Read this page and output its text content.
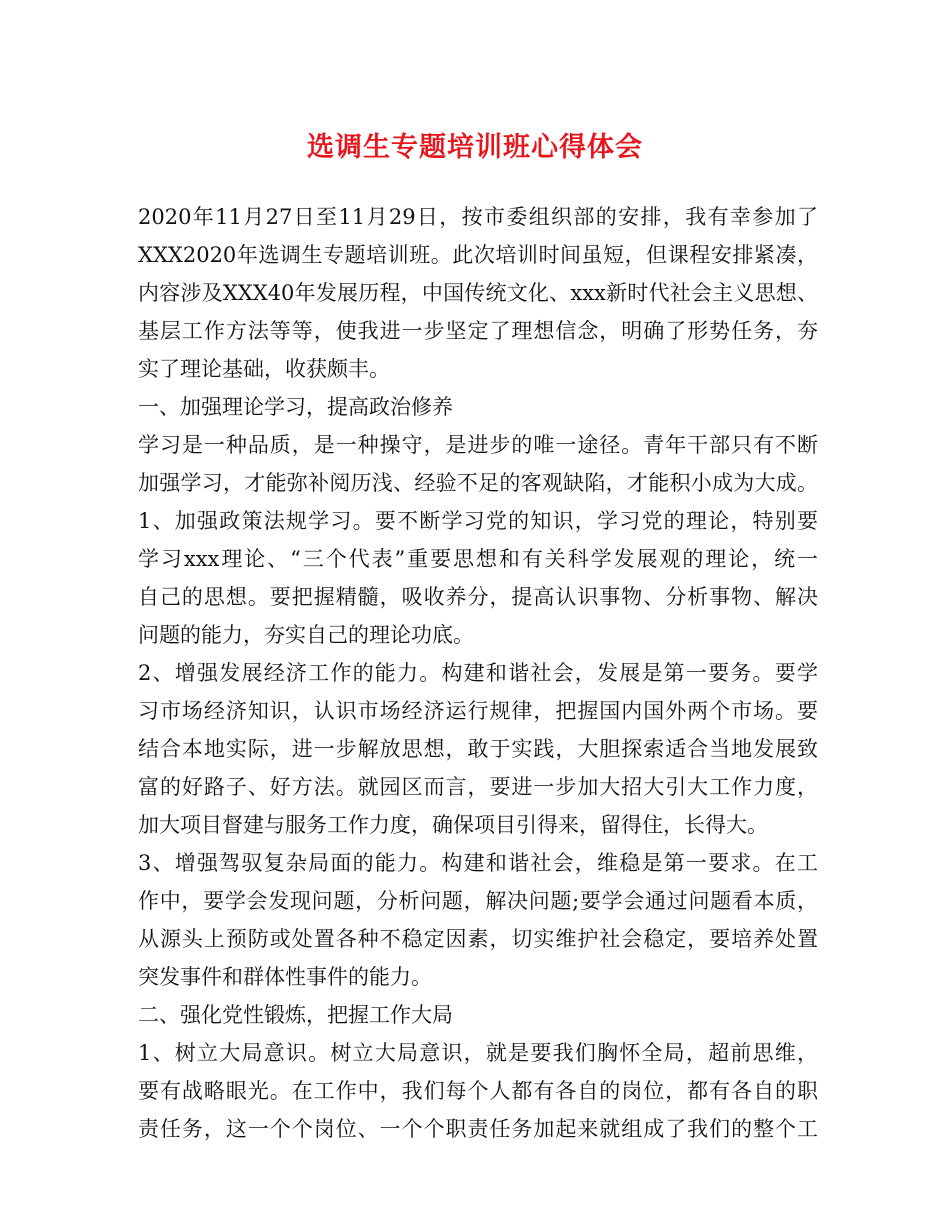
选调生专题培训班心得体会
2020年11月27日至11月29日，按市委组织部的安排，我有幸参加了
XXX2020年选调生专题培训班。此次培训时间虽短，但课程安排紧凑，
内容涉及XXX40年发展历程，中国传统文化、xxx新时代社会主义思想、
基层工作方法等等，使我进一步坚定了理想信念，明确了形势任务，夯
实了理论基础，收获颇丰。
一、加强理论学习，提高政治修养
学习是一种品质，是一种操守，是进步的唯一途径。青年干部只有不断
加强学习，才能弥补阅历浅、经验不足的客观缺陷，才能积小成为大成。
1、加强政策法规学习。要不断学习党的知识，学习党的理论，特别要
学习xxx理论、“三个代表”重要思想和有关科学发展观的理论，统一
自己的思想。要把握精髓，吸收养分，提高认识事物、分析事物、解决
问题的能力，夯实自己的理论功底。
2、增强发展经济工作的能力。构建和谐社会，发展是第一要务。要学
习市场经济知识，认识市场经济运行规律，把握国内国外两个市场。要
结合本地实际，进一步解放思想，敢于实践，大胆探索适合当地发展致
富的好路子、好方法。就园区而言，要进一步加大招大引大工作力度，
加大项目督建与服务工作力度，确保项目引得来，留得住，长得大。
3、增强驾驭复杂局面的能力。构建和谐社会，维稳是第一要求。在工
作中，要学会发现问题，分析问题，解决问题;要学会通过问题看本质，
从源头上预防或处置各种不稳定因素，切实维护社会稳定，要培养处置
突发事件和群体性事件的能力。
二、强化党性锻炼，把握工作大局
1、树立大局意识。树立大局意识，就是要我们胸怀全局，超前思维，
要有战略眼光。在工作中，我们每个人都有各自的岗位，都有各自的职
责任务，这一个个岗位、一个个职责任务加起来就组成了我们的整个工
